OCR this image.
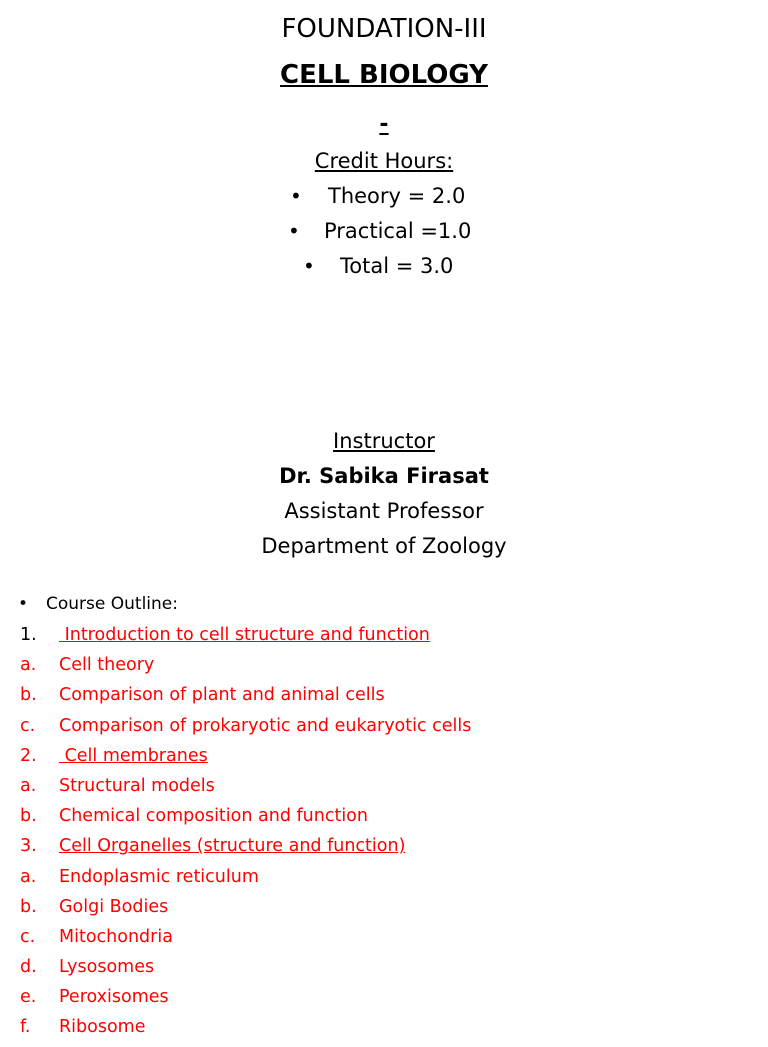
FOUNDATION-III
CELL BIOLOGY
-
Credit Hours:
• Theory = 2.0
• Practical =1.0
• Total = 3.0
Instructor
Dr. Sabika Firasat
Assistant Professor
Department of Zoology
• Course Outline:
1. Introduction to cell structure and function
a. Cell theory
b. Comparison of plant and animal cells
c. Comparison of prokaryotic and eukaryotic cells
2. Cell membranes
a. Structural models
b. Chemical composition and function
3. Cell Organelles (structure and function)
a. Endoplasmic reticulum
b. Golgi Bodies
c. Mitochondria
d. Lysosomes
e. Peroxisomes
f. Ribosome
